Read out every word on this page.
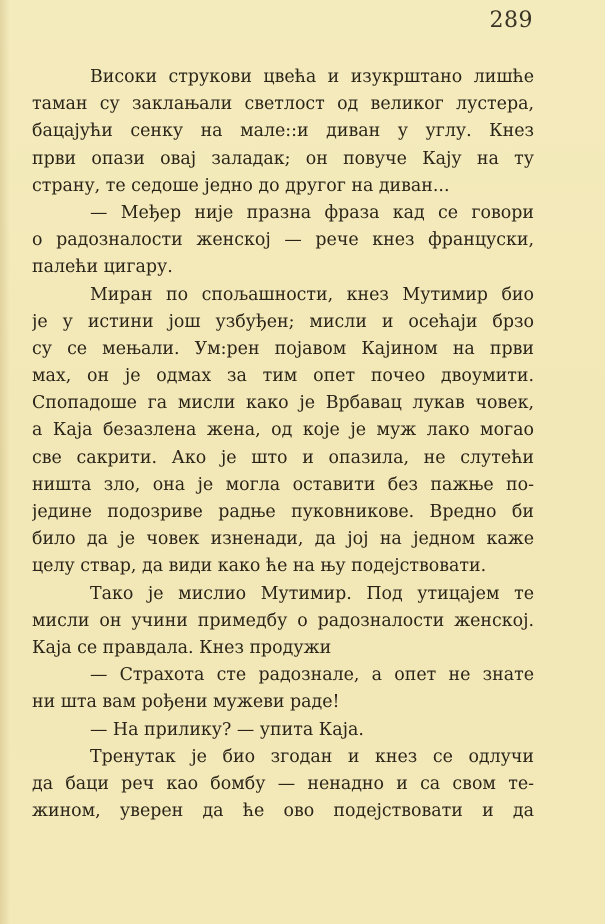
289
Високи струкови цвећа и изукрштано лишће
таман су заклањали светлост од великог лустера,
бацајући сенку на мале::и диван у углу. Кнез
први опази овај заладак; он повуче Кају на ту
страну, те седоше једно до другог на диван...
— Међер није празна фраза кад се говори
о радозналости женској — рече кнез француски,
палећи цигару.
Миран по спољашности, кнез Мутимир био
је у истини још узбуђен; мисли и осећаји брзо
су се мењали. Ум:рен појавом Кајином на први
мах, он је одмах за тим опет почео двоумити.
Спопадоше га мисли како је Врбавац лукав човек,
а Каја безазлена жена, од које је муж лако могао
све сакрити. Ако је што и опазила, не слутећи
ништа зло, она је могла оставити без пажње по-
једине подозриве радње пуковникове. Вредно би
било да је човек изненади, да јој на једном каже
целу ствар, да види како ће на њу подејствовати.
Тако је мислио Мутимир. Под утицајем те
мисли он учини примедбу о радозналости женској.
Каја се правдала. Кнез продужи
— Страхота сте радознале, а опет не знате
ни шта вам рођени мужеви раде!
— На прилику? — упита Каја.
Тренутак је био згодан и кнез се одлучи
да баци реч као бомбу — ненадно и са свом те-
жином, уверен да ће ово подејствовати и да
